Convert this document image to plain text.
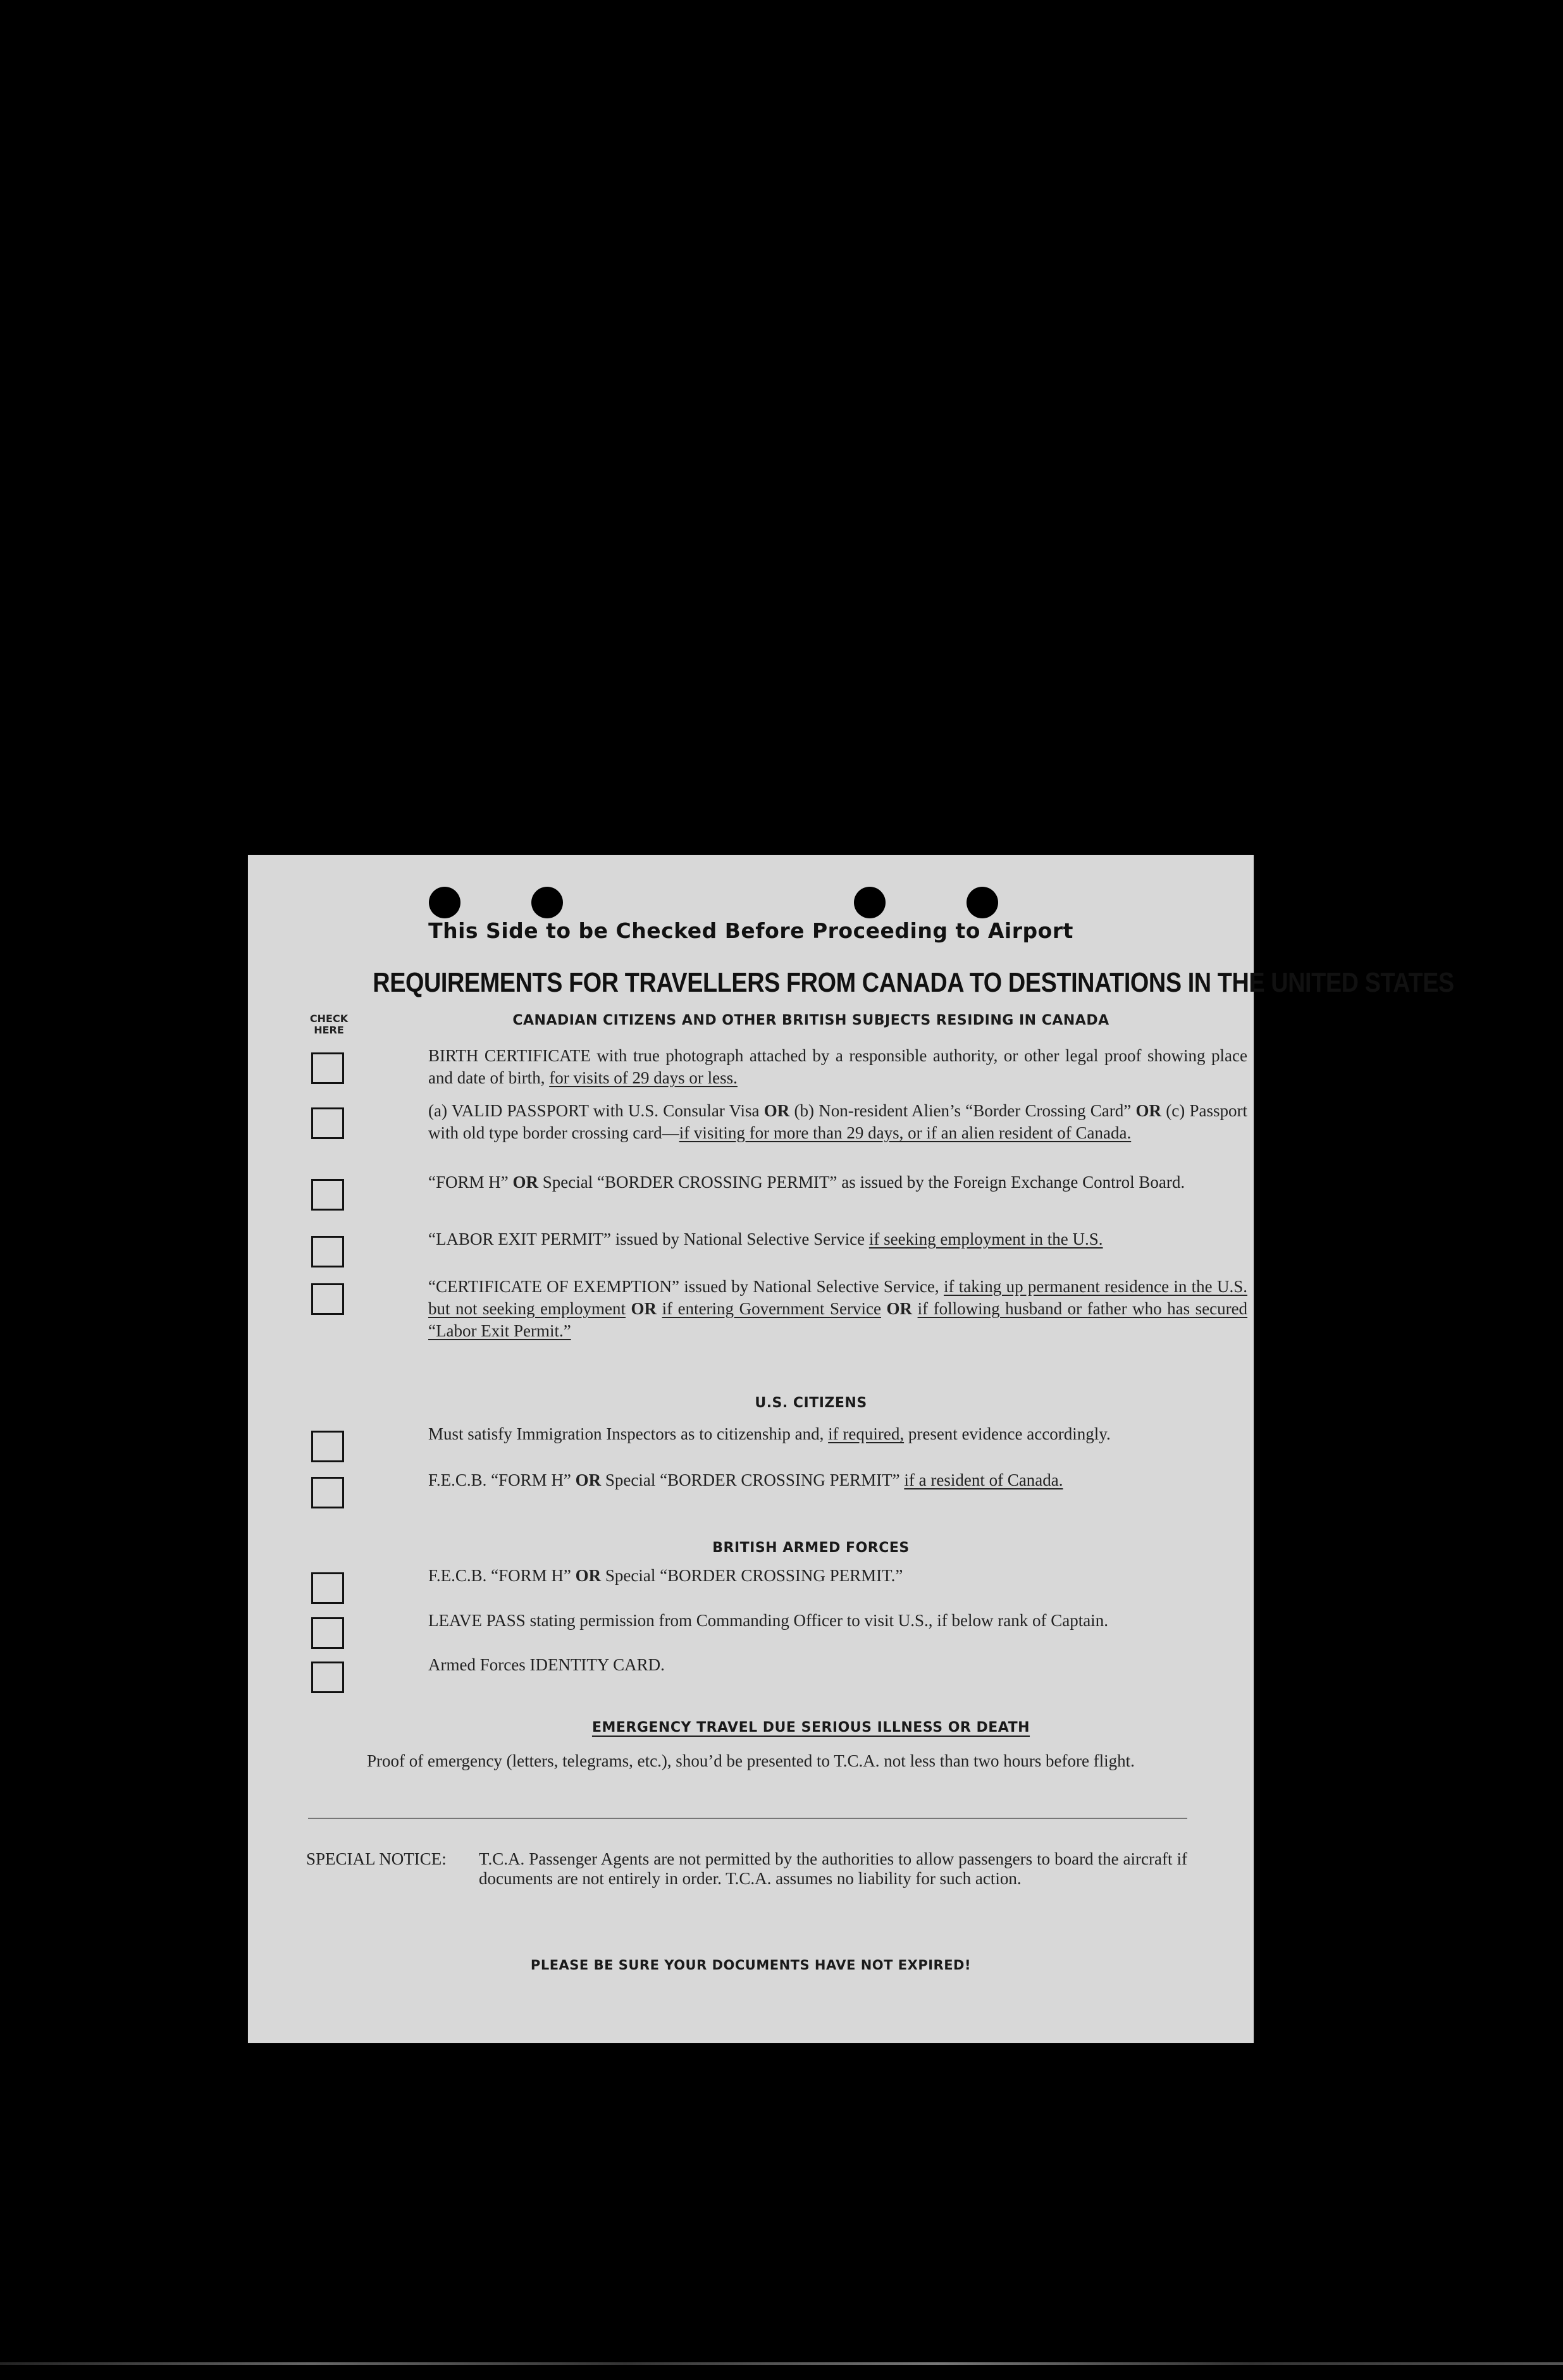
This Side to be Checked Before Proceeding to Airport
REQUIREMENTS FOR TRAVELLERS FROM CANADA TO DESTINATIONS IN THE UNITED STATES
CHECK
HERE
CANADIAN CITIZENS AND OTHER BRITISH SUBJECTS RESIDING IN CANADA
BIRTH CERTIFICATE with true photograph attached by a responsible authority, or other legal proof showing place and date of birth, for visits of 29 days or less.
(a) VALID PASSPORT with U.S. Consular Visa OR (b) Non-resident Alien’s “Border Crossing Card” OR (c) Passport with old type border crossing card—if visiting for more than 29 days, or if an alien resident of Canada.
“FORM H” OR Special “BORDER CROSSING PERMIT” as issued by the Foreign Exchange Control Board.
“LABOR EXIT PERMIT” issued by National Selective Service if seeking employment in the U.S.
“CERTIFICATE OF EXEMPTION” issued by National Selective Service, if taking up permanent residence in the U.S. but not seeking employment OR if entering Government Service OR if following husband or father who has secured “Labor Exit Permit.”
U.S. CITIZENS
Must satisfy Immigration Inspectors as to citizenship and, if required, present evidence accordingly.
F.E.C.B. “FORM H” OR Special “BORDER CROSSING PERMIT” if a resident of Canada.
BRITISH ARMED FORCES
F.E.C.B. “FORM H” OR Special “BORDER CROSSING PERMIT.”
LEAVE PASS stating permission from Commanding Officer to visit U.S., if below rank of Captain.
Armed Forces IDENTITY CARD.
EMERGENCY TRAVEL DUE SERIOUS ILLNESS OR DEATH
Proof of emergency (letters, telegrams, etc.), shou’d be presented to T.C.A. not less than two hours before flight.
SPECIAL NOTICE: T.C.A. Passenger Agents are not permitted by the authorities to allow passengers to board the aircraft if documents are not entirely in order. T.C.A. assumes no liability for such action.
PLEASE BE SURE YOUR DOCUMENTS HAVE NOT EXPIRED!
